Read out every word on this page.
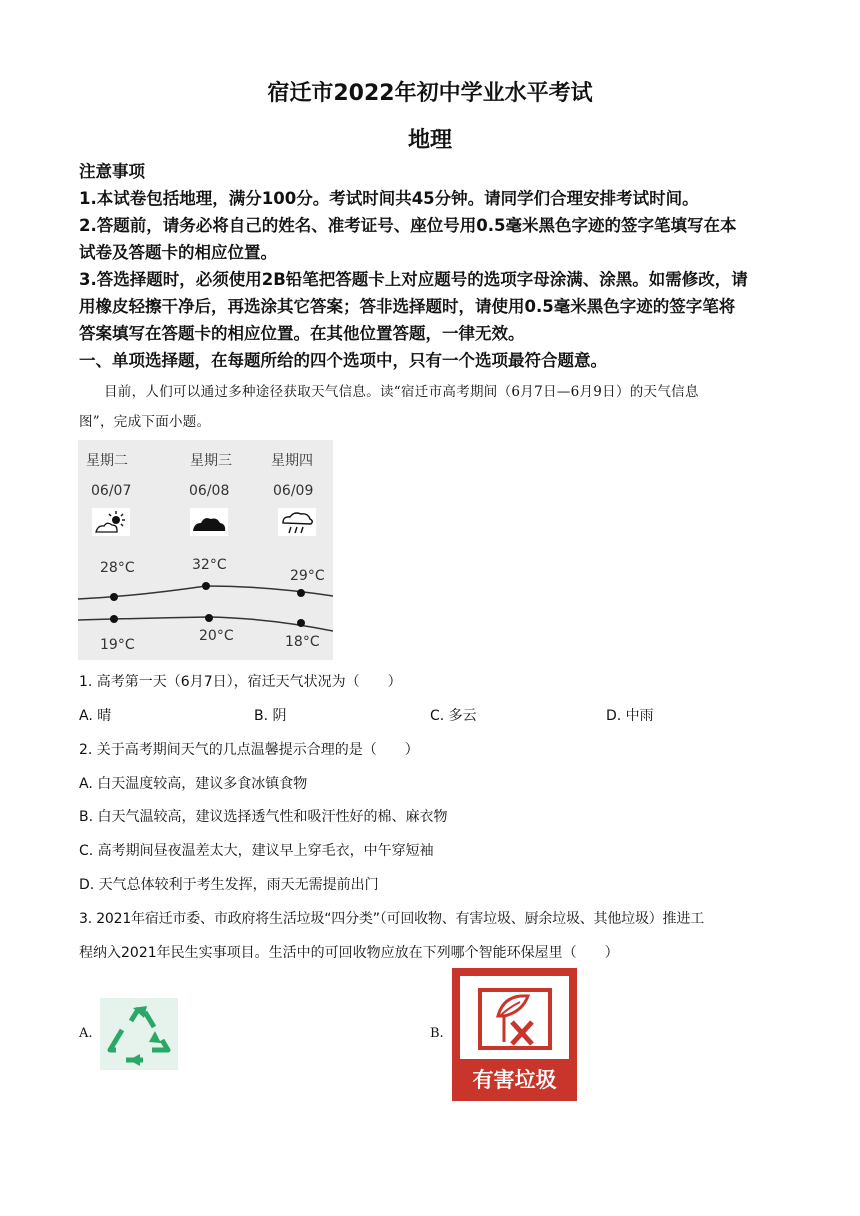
宿迁市2022年初中学业水平考试
地理
注意事项
1.本试卷包括地理，满分100分。考试时间共45分钟。请同学们合理安排考试时间。
2.答题前，请务必将自己的姓名、准考证号、座位号用0.5毫米黑色字迹的签字笔填写在本
试卷及答题卡的相应位置。
3.答选择题时，必须使用2B铅笔把答题卡上对应题号的选项字母涂满、涂黑。如需修改，请
用橡皮轻擦干净后，再选涂其它答案；答非选择题时，请使用0.5毫米黑色字迹的签字笔将
答案填写在答题卡的相应位置。在其他位置答题，一律无效。
一、单项选择题，在每题所给的四个选项中，只有一个选项最符合题意。
目前，人们可以通过多种途径获取天气信息。读“宿迁市高考期间（6月7日—6月9日）的天气信息
图”，完成下面小题。
星期二	星期三	星期四
06/07	06/08	06/09
28°C	32°C
29°C
19°C
20°C	18°C
1. 高考第一天（6月7日），宿迁天气状况为（　　）
A. 晴	B. 阴	C. 多云	D. 中雨
2. 关于高考期间天气的几点温馨提示合理的是（　　）
A. 白天温度较高，建议多食冰镇食物
B. 白天气温较高，建议选择透气性和吸汗性好的棉、麻衣物
C. 高考期间昼夜温差太大，建议早上穿毛衣，中午穿短袖
D. 天气总体较利于考生发挥，雨天无需提前出门
3. 2021年宿迁市委、市政府将生活垃圾“四分类”（可回收物、有害垃圾、厨余垃圾、其他垃圾）推进工
程纳入2021年民生实事项目。生活中的可回收物应放在下列哪个智能环保屋里（　　）
A.	B.
有害垃圾
